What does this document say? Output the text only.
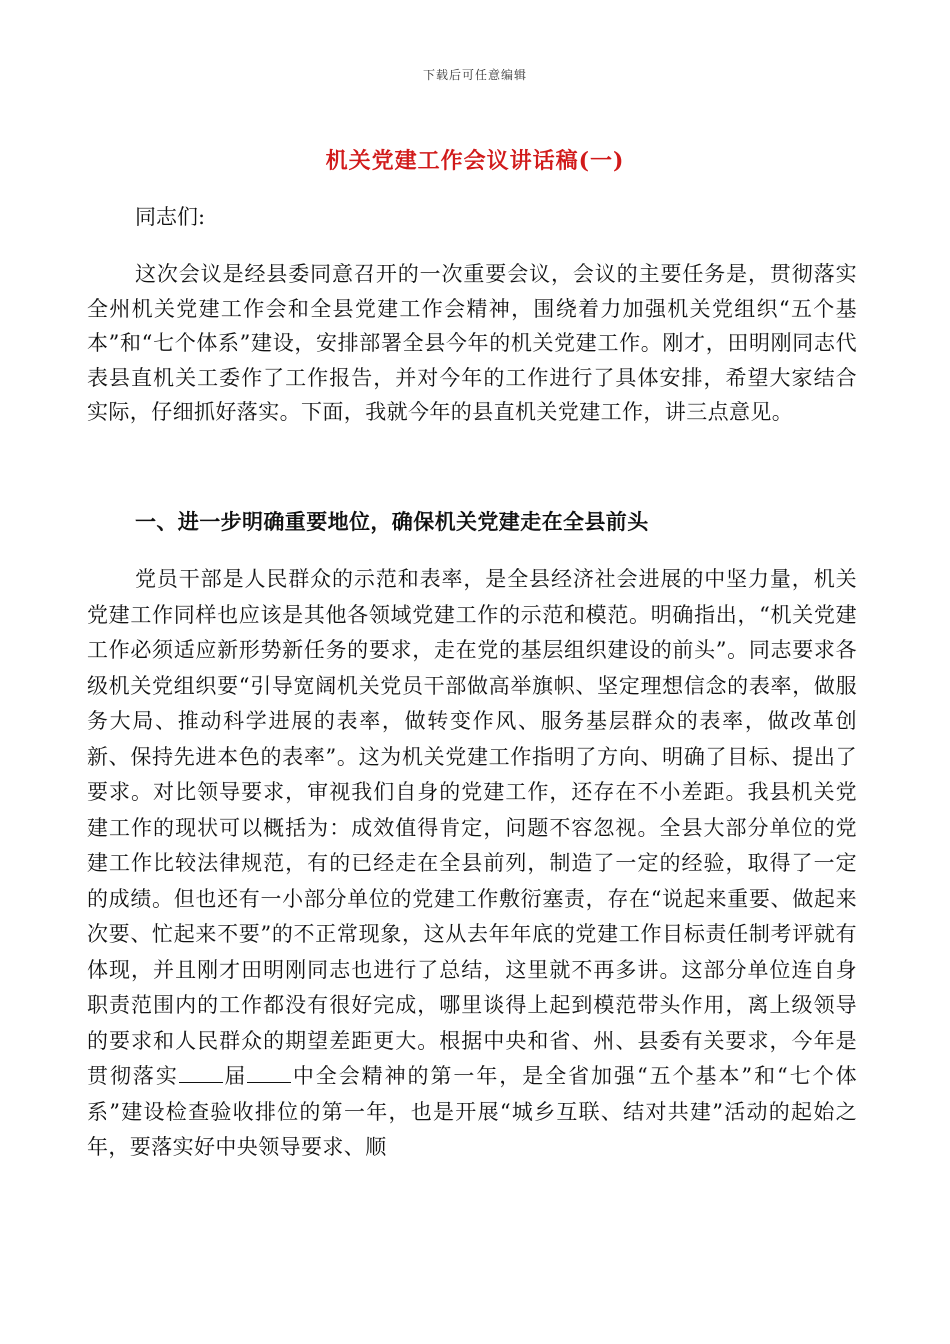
下载后可任意编辑
机关党建工作会议讲话稿(一)
同志们:
这次会议是经县委同意召开的一次重要会议，会议的主要任务是，贯彻落实全州机关党建工作会和全县党建工作会精神，围绕着力加强机关党组织“五个基本”和“七个体系”建设，安排部署全县今年的机关党建工作。刚才，田明刚同志代表县直机关工委作了工作报告，并对今年的工作进行了具体安排，希望大家结合实际，仔细抓好落实。下面，我就今年的县直机关党建工作，讲三点意见。
一、进一步明确重要地位，确保机关党建走在全县前头
党员干部是人民群众的示范和表率，是全县经济社会进展的中坚力量，机关党建工作同样也应该是其他各领域党建工作的示范和模范。明确指出，“机关党建工作必须适应新形势新任务的要求，走在党的基层组织建设的前头”。同志要求各级机关党组织要“引导宽阔机关党员干部做高举旗帜、坚定理想信念的表率，做服务大局、推动科学进展的表率，做转变作风、服务基层群众的表率，做改革创新、保持先进本色的表率”。这为机关党建工作指明了方向、明确了目标、提出了要求。对比领导要求，审视我们自身的党建工作，还存在不小差距。我县机关党建工作的现状可以概括为：成效值得肯定，问题不容忽视。全县大部分单位的党建工作比较法律规范，有的已经走在全县前列，制造了一定的经验，取得了一定的成绩。但也还有一小部分单位的党建工作敷衍塞责，存在“说起来重要、做起来次要、忙起来不要”的不正常现象，这从去年年底的党建工作目标责任制考评就有体现，并且刚才田明刚同志也进行了总结，这里就不再多讲。这部分单位连自身职责范围内的工作都没有很好完成，哪里谈得上起到模范带头作用，离上级领导的要求和人民群众的期望差距更大。根据中央和省、州、县委有关要求，今年是贯彻落实 届 中全会精神的第一年，是全省加强“五个基本”和“七个体系”建设检查验收排位的第一年，也是开展“城乡互联、结对共建”活动的起始之年，要落实好中央领导要求、顺
